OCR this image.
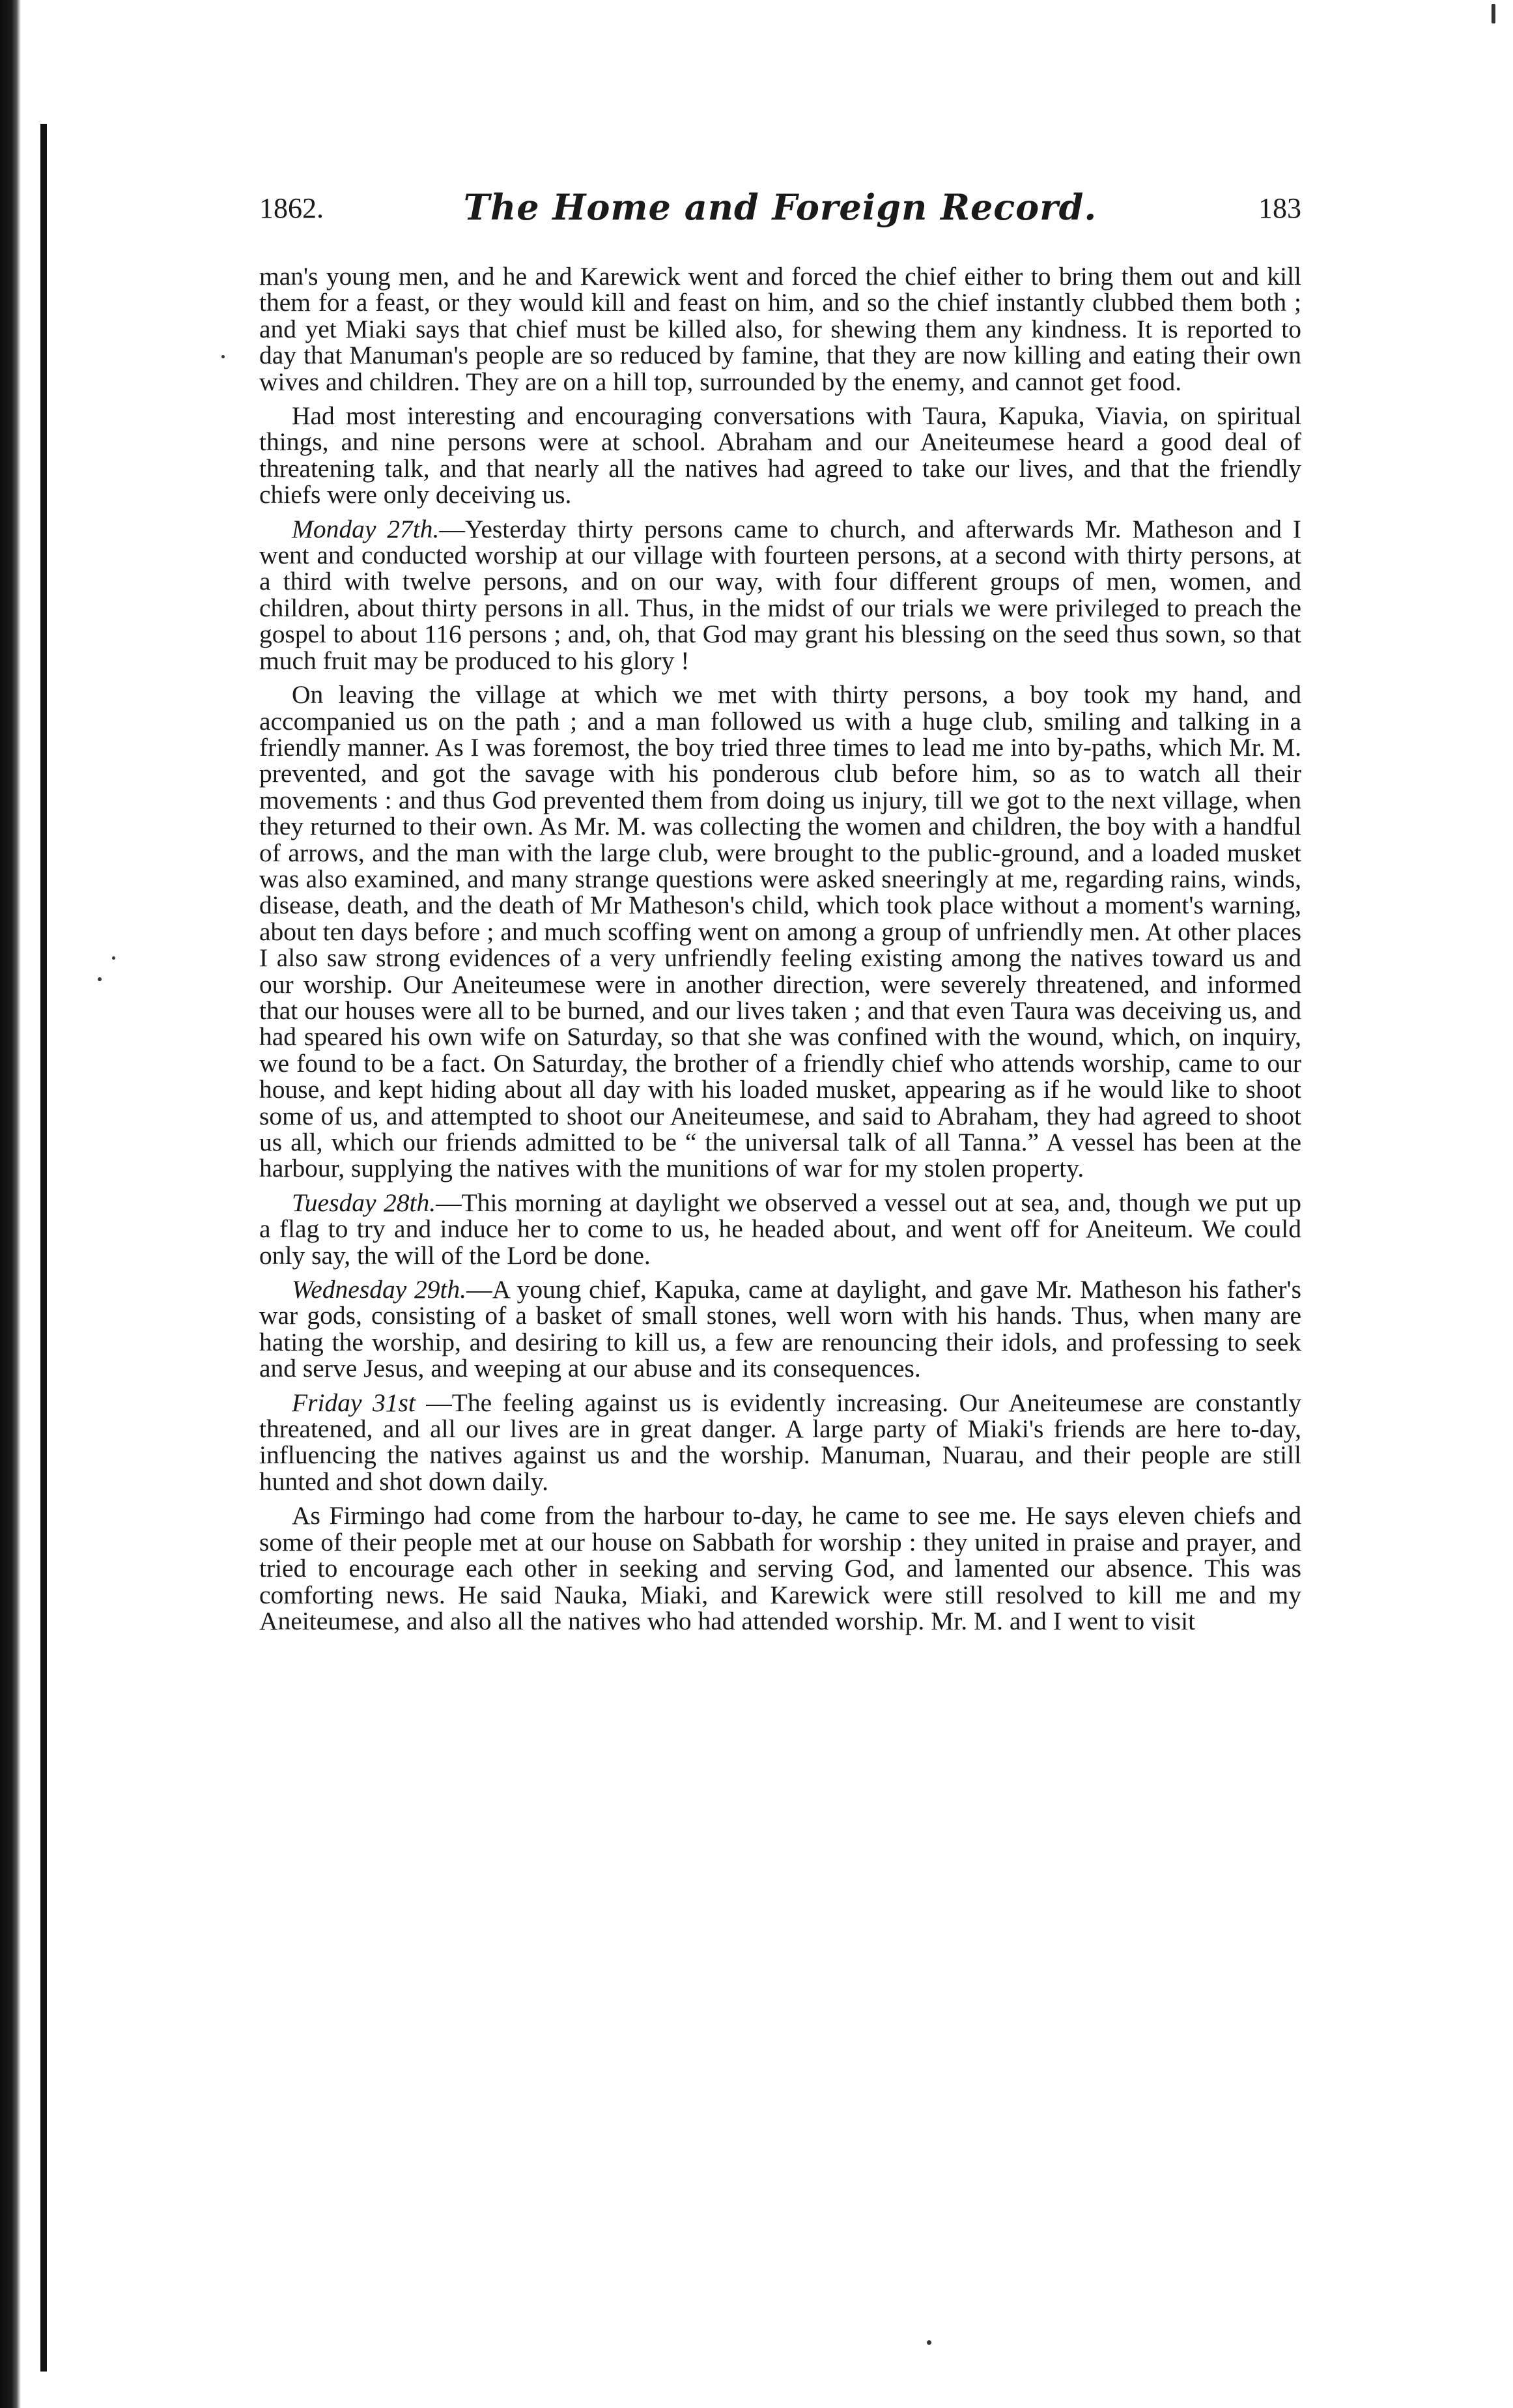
1862.	The Home and Foreign Record.	183

man's young men, and he and Karewick went and forced the chief either to bring them out and kill them for a feast, or they would kill and feast on him, and so the chief instantly clubbed them both ; and yet Miaki says that chief must be killed also, for shewing them any kindness. It is reported to day that Manuman's people are so reduced by famine, that they are now killing and eating their own wives and children. They are on a hill top, surrounded by the enemy, and cannot get food.

Had most interesting and encouraging conversations with Taura, Kapuka, Viavia, on spiritual things, and nine persons were at school. Abraham and our Aneiteumese heard a good deal of threatening talk, and that nearly all the natives had agreed to take our lives, and that the friendly chiefs were only deceiving us.

Monday 27th.—Yesterday thirty persons came to church, and afterwards Mr. Matheson and I went and conducted worship at our village with fourteen persons, at a second with thirty persons, at a third with twelve persons, and on our way, with four different groups of men, women, and children, about thirty persons in all. Thus, in the midst of our trials we were privileged to preach the gospel to about 116 persons ; and, oh, that God may grant his blessing on the seed thus sown, so that much fruit may be produced to his glory !

On leaving the village at which we met with thirty persons, a boy took my hand, and accompanied us on the path ; and a man followed us with a huge club, smiling and talking in a friendly manner. As I was foremost, the boy tried three times to lead me into by-paths, which Mr. M. prevented, and got the savage with his ponderous club before him, so as to watch all their movements : and thus God prevented them from doing us injury, till we got to the next village, when they returned to their own. As Mr. M. was collecting the women and children, the boy with a handful of arrows, and the man with the large club, were brought to the public-ground, and a loaded musket was also examined, and many strange questions were asked sneeringly at me, regarding rains, winds, disease, death, and the death of Mr Matheson's child, which took place without a moment's warning, about ten days before ; and much scoffing went on among a group of unfriendly men. At other places I also saw strong evidences of a very unfriendly feeling existing among the natives toward us and our worship. Our Aneiteumese were in another direction, were severely threatened, and informed that our houses were all to be burned, and our lives taken ; and that even Taura was deceiving us, and had speared his own wife on Saturday, so that she was confined with the wound, which, on inquiry, we found to be a fact. On Saturday, the brother of a friendly chief who attends worship, came to our house, and kept hiding about all day with his loaded musket, appearing as if he would like to shoot some of us, and attempted to shoot our Aneiteumese, and said to Abraham, they had agreed to shoot us all, which our friends admitted to be “ the universal talk of all Tanna.” A vessel has been at the harbour, supplying the natives with the munitions of war for my stolen property.

Tuesday 28th.—This morning at daylight we observed a vessel out at sea, and, though we put up a flag to try and induce her to come to us, he headed about, and went off for Aneiteum. We could only say, the will of the Lord be done.

Wednesday 29th.—A young chief, Kapuka, came at daylight, and gave Mr. Matheson his father's war gods, consisting of a basket of small stones, well worn with his hands. Thus, when many are hating the worship, and desiring to kill us, a few are renouncing their idols, and professing to seek and serve Jesus, and weeping at our abuse and its consequences.

Friday 31st —The feeling against us is evidently increasing. Our Aneiteumese are constantly threatened, and all our lives are in great danger. A large party of Miaki's friends are here to-day, influencing the natives against us and the worship. Manuman, Nuarau, and their people are still hunted and shot down daily.

As Firmingo had come from the harbour to-day, he came to see me. He says eleven chiefs and some of their people met at our house on Sabbath for worship : they united in praise and prayer, and tried to encourage each other in seeking and serving God, and lamented our absence. This was comforting news. He said Nauka, Miaki, and Karewick were still resolved to kill me and my Aneiteumese, and also all the natives who had attended worship. Mr. M. and I went to visit
